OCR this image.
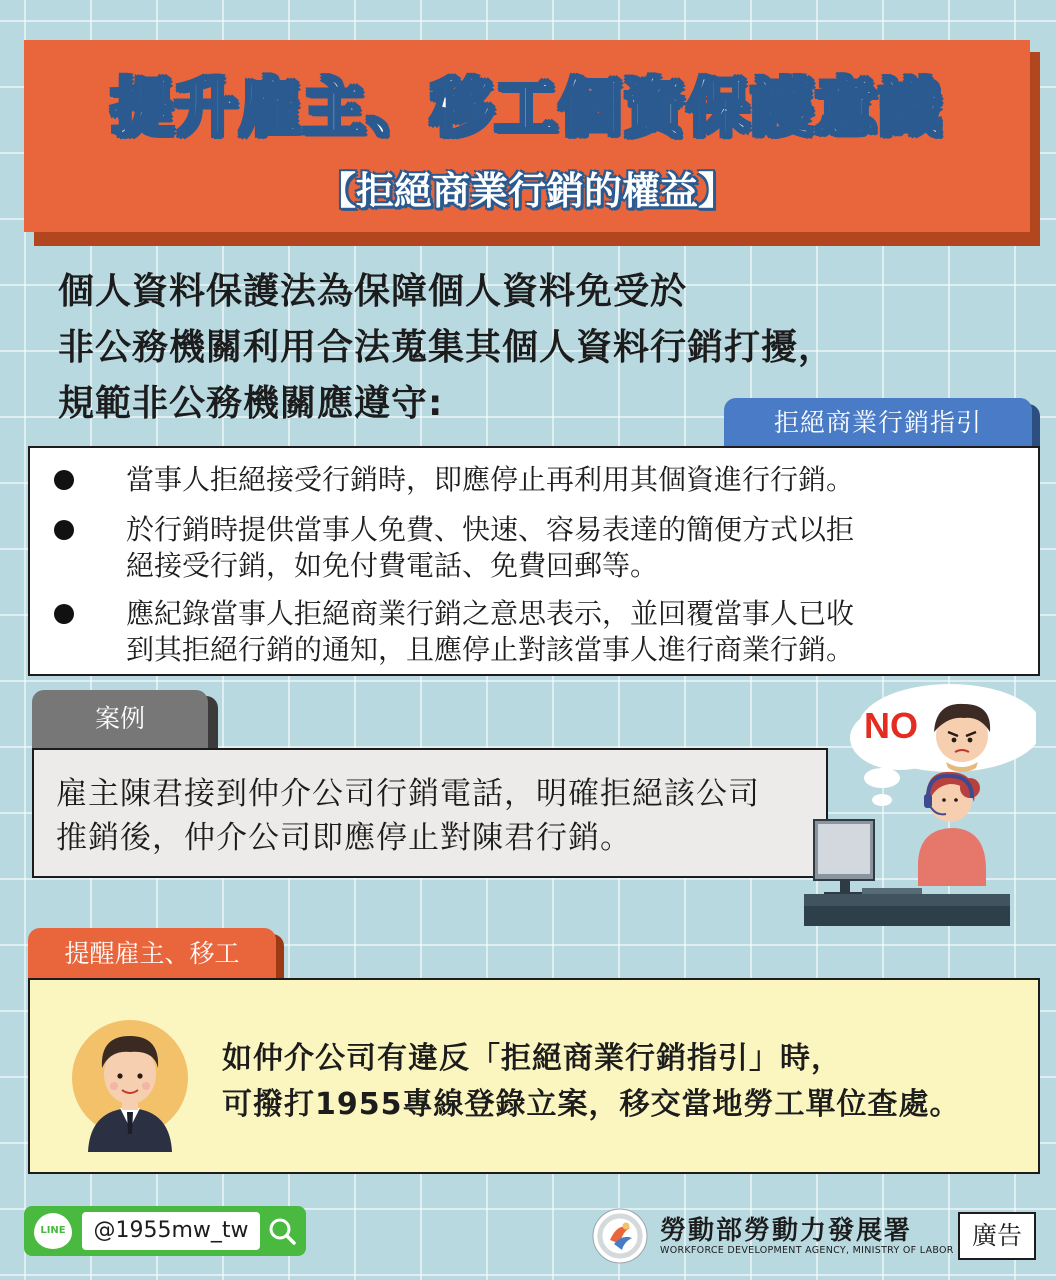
提升雇主、移工個資保護意識
【拒絕商業行銷的權益】
個人資料保護法為保障個人資料免受於
非公務機關利用合法蒐集其個人資料行銷打擾，
規範非公務機關應遵守:	拒絕商業行銷指引
當事人拒絕接受行銷時，即應停止再利用其個資進行行銷。
於行銷時提供當事人免費、快速、容易表達的簡便方式以拒
絕接受行銷，如免付費電話、免費回郵等。
應紀錄當事人拒絕商業行銷之意思表示，並回覆當事人已收
到其拒絕行銷的通知，且應停止對該當事人進行商業行銷。
案例
雇主陳君接到仲介公司行銷電話，明確拒絕該公司
推銷後，仲介公司即應停止對陳君行銷。
NO
提醒雇主、移工
如仲介公司有違反「拒絕商業行銷指引」時，
可撥打1955專線登錄立案，移交當地勞工單位查處。
LINE	@1955mw_tw	勞動部勞動力發展署
WORKFORCE DEVELOPMENT AGENCY, MINISTRY OF LABOR
廣告
